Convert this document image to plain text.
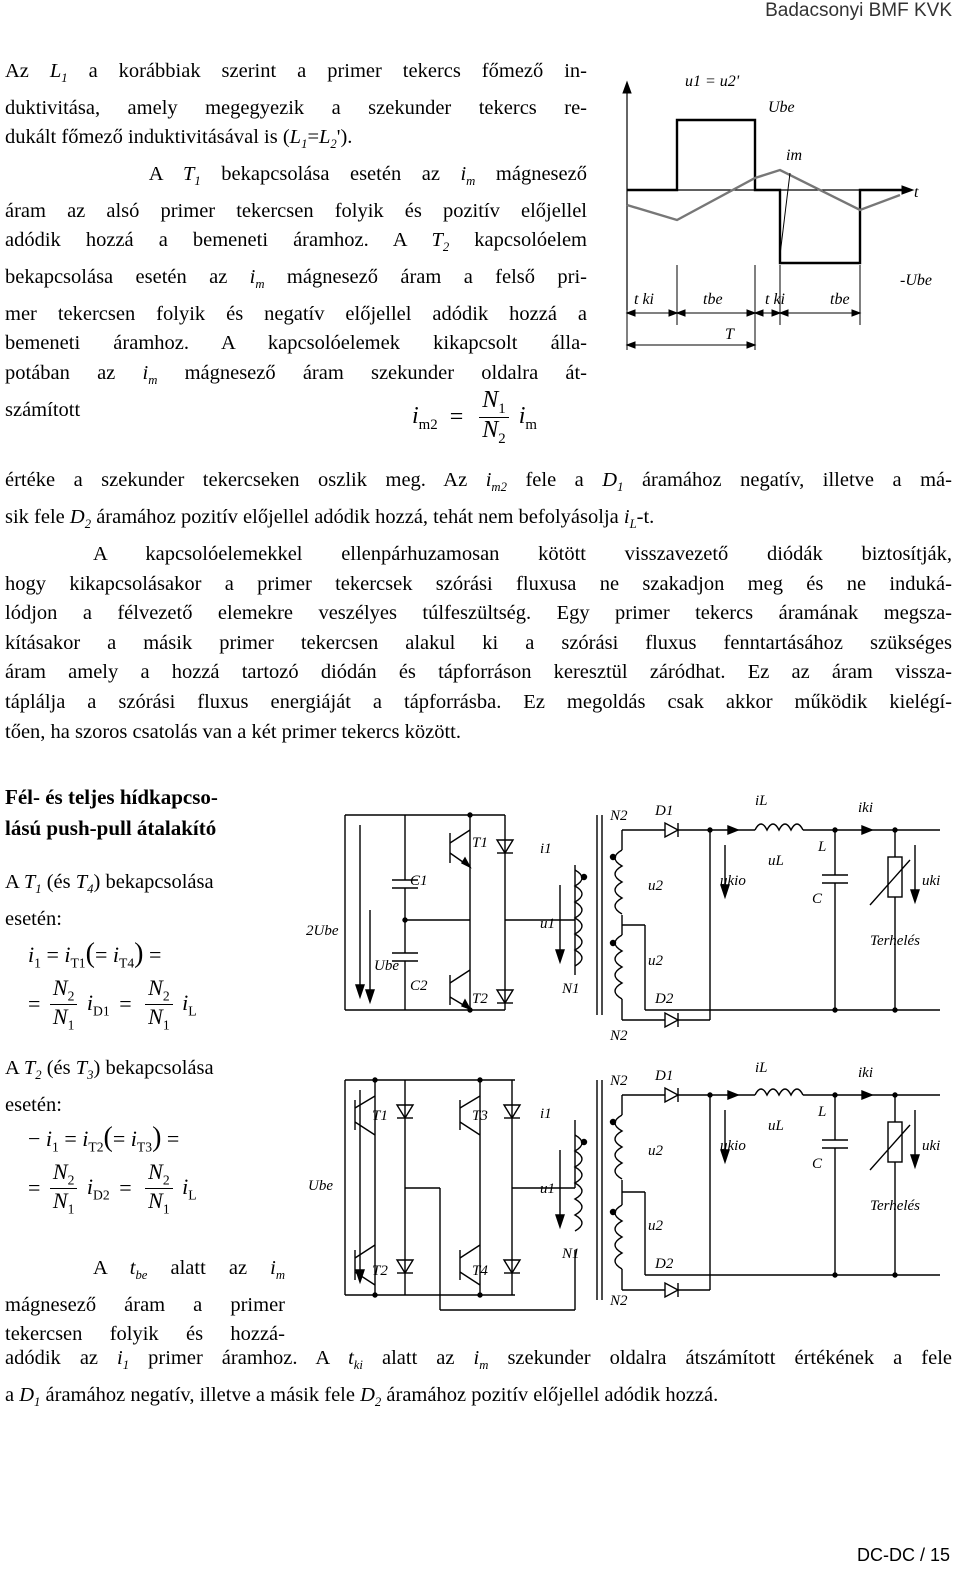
Badacsonyi BMF KVK
Az $L_1$ a korábbiak szerint a primer tekercs főmező in-
duktivitása, amely megegyezik a szekunder tekercs re-
dukált főmező induktivitásával is $(L_1=L_2')$.
A $T_1$ bekapcsolása esetén az $i_m$ mágnesező
áram az alsó primer tekercsen folyik és pozitív előjellel
adódik hozzá a bemeneti áramhoz. A $T_2$ kapcsolóelem
bekapcsolása esetén az $i_m$ mágnesező áram a felső pri-
mer tekercsen folyik és negatív előjellel adódik hozzá a
bemeneti áramhoz. A kapcsolóelemek kikapcsolt álla-
potában az $i_m$ mágnesező áram szekunder oldalra át-
számított
u1 = u2'
Ube
im
t
-Ube
t ki	tbe	t ki	tbe
T
$i_{m2} = \frac{N_1}{N_2} i_m$
értéke a szekunder tekercseken oszlik meg. Az $i_{m2}$ fele a $D_1$ áramához negatív, illetve a má-
sik fele $D_2$ áramához pozitív előjellel adódik hozzá, tehát nem befolyásolja $i_L-t$.
A kapcsolóelemekkel ellenpárhuzamosan kötött visszavezető diódák biztosítják,
hogy kikapcsolásakor a primer tekercsek szórási fluxusa ne szakadjon meg és ne induká-
lódjon a félvezető elemekre veszélyes túlfeszültség. Egy primer tekercs áramának megsza-
kításakor a másik primer tekercsen alakul ki a szórási fluxus fenntartásához szükséges
áram amely a hozzá tartozó diódán és tápforráson keresztül záródhat. Ez az áram vissza-
táplálja a szórási fluxus energiáját a tápforrásba. Ez megoldás csak akkor működik kielégí-
tően, ha szoros csatolás van a két primer tekercs között.
Fél- és teljes hídkapcso-
lású push-pull átalakító
A $T_1$ (és $T_4$) bekapcsolása
esetén:
$i_1 = i_{T1}(= i_{T4})$ =
= $\frac{N_2}{N_1} i_{D1} = \frac{N_2}{N_1} i_L$
A $T_2$ (és $T_3$) bekapcsolása
esetén:
− $i_1 = i_{T2}(= i_{T3})$ =
= $\frac{N_2}{N_1} i_{D2} = \frac{N_2}{N_1} i_L$
A $t_{be}$ alatt az $i_m$
mágnesező áram a primer
tekercsen folyik és hozzá-
adódik az $i_1$ primer áramhoz. A $t_{ki}$ alatt az $i_m$ szekunder oldalra átszámított értékének a fele
a $D_1$ áramához negatív, illetve a másik fele $D_2$ áramához pozitív előjellel adódik hozzá.
2Ube
Ube
C1
C2
T1
T2
i1
u1
N1
N2
N2
u2
u2
D1
D2
iL
uL
L
ukio
C
iki
uki
Terhelés
Ube
T1
T2
T3
T4
i1
u1
N1
N2
N2
u2
u2
D1
D2
iL
uL
L
ukio
C
iki
uki
Terhelés
DC-DC / 15
